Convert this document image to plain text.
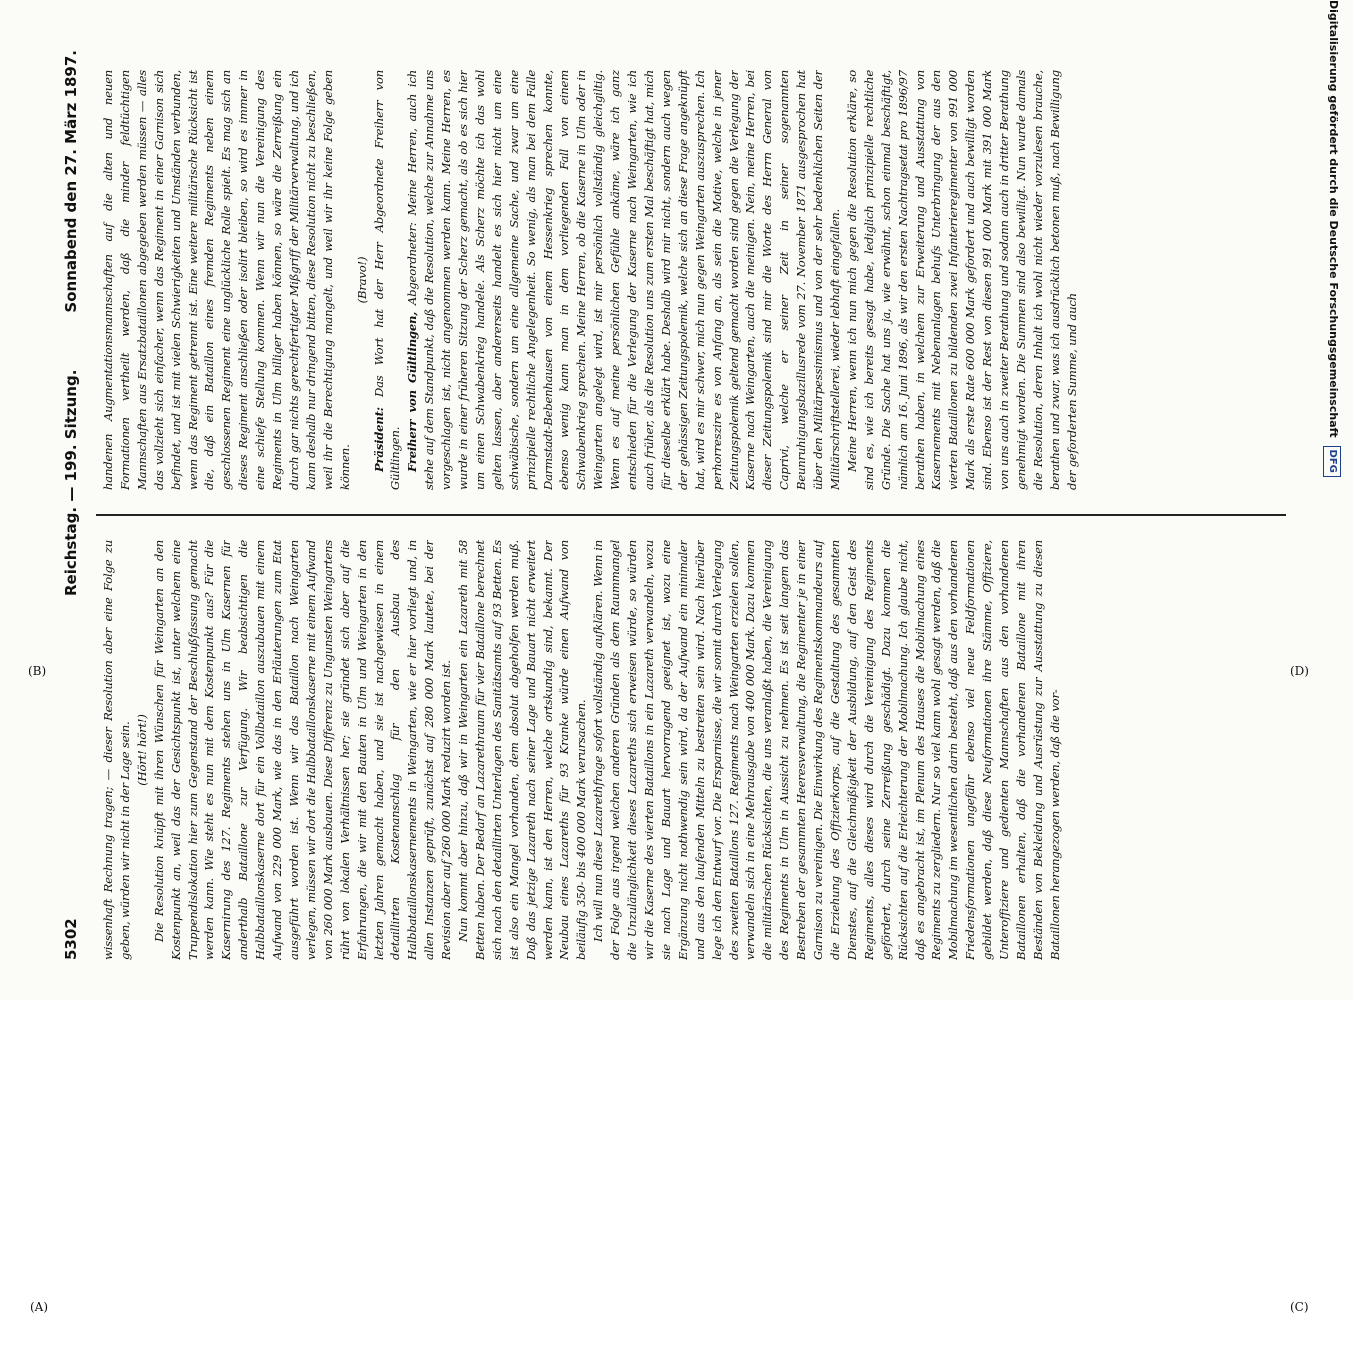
5302
Reichstag. — 199. Sitzung.
Sonnabend den 27. März 1897.

wissenhaft Rechnung tragen; — dieser Resolution aber eine Folge zu geben, würden wir nicht in der Lage sein. (Hört! hört!) Die Resolution knüpft mit ihren Wünschen für Weingarten an den Kostenpunkt an, weil das der Gesichtspunkt ist, unter welchem eine Truppendislokation hier zum Gegenstand der Beschlußfassung gemacht werden kann. Wie steht es nun mit dem Kostenpunkt aus? Für die Kasernirung des 127. Regiments stehen uns in Ulm Kasernen für anderthalb Bataillone zur Verfügung. Wir beabsichtigen die Halbbataillonskaserne dort für ein Vollbataillon auszubauen mit einem Aufwand von 229 000 Mark, wie das in den Erläuterungen zum Etat ausgeführt worden ist. Wenn wir das Bataillon nach Weingarten verlegen, müssen wir dort die Halbbataillonskaserne mit einem Aufwand von 260 000 Mark ausbauen. Diese Differenz zu Ungunsten Weingartens rührt von lokalen Verhältnissen her; sie gründet sich aber auf die Erfahrungen, die wir mit den Bauten in Ulm und Weingarten in den letzten Jahren gemacht haben, und sie ist nachgewiesen in einem detaillirten Kostenanschlag für den Ausbau des Halbbataillonskasernements in Weingarten, wie er hier vorliegt und, in allen Instanzen geprüft, zunächst auf 280 000 Mark lautete, bei der Revision aber auf 260 000 Mark reduzirt worden ist. Nun kommt aber hinzu, daß wir in Weingarten ein Lazareth mit 58 Betten haben. Der Bedarf an Lazarethraum für vier Bataillone berechnet sich nach den detaillirten Unterlagen des Sanitätsamts auf 93 Betten. Es ist also ein Mangel vorhanden, dem absolut abgeholfen werden muß. Daß das jetzige Lazareth nach seiner Lage und Bauart nicht erweitert werden kann, ist den Herren, welche ortskundig sind, bekannt. Der Neubau eines Lazareths für 93 Kranke würde einen Aufwand von beiläufig 350- bis 400 000 Mark verursachen. Ich will nun diese Lazarethfrage sofort vollständig aufklären. Wenn in der Folge aus irgend welchen anderen Gründen als dem Raummangel die Unzulänglichkeit dieses Lazareths sich erweisen würde, so würden wir die Kaserne des vierten Bataillons in ein Lazareth verwandeln, wozu sie nach Lage und Bauart hervorragend geeignet ist, wozu eine Ergänzung nicht nothwendig sein wird, da der Aufwand ein minimaler und aus den laufenden Mitteln zu bestreiten sein wird. Nach hierüber lege ich den Entwurf vor. Die Ersparnisse, die wir somit durch Verlegung des zweiten Bataillons 127. Regiments nach Weingarten erzielen sollen, verwandeln sich in eine Mehrausgabe von 400 000 Mark. Dazu kommen die militärischen Rücksichten, die uns veranlaßt haben, die Vereinigung des Regiments in Ulm in Aussicht zu nehmen. Es ist seit langem das Bestreben der gesammten Heeresverwaltung, die Regimenter je in einer Garnison zu vereinigen. Die Einwirkung des Regimentskommandeurs auf die Erziehung des Offizierkorps, auf die Gestaltung des gesammten Dienstes, auf die Gleichmäßigkeit der Ausbildung, auf den Geist des Regiments, alles dieses wird durch die Vereinigung des Regiments gefördert, durch seine Zerreißung geschädigt. Dazu kommen die Rücksichten auf die Erleichterung der Mobilmachung. Ich glaube nicht, daß es angebracht ist, im Plenum des Hauses die Mobilmachung eines Regiments zu zergliedern. Nur so viel kann wohl gesagt werden, daß die Mobilmachung im wesentlichen darin besteht, daß aus den vorhandenen Friedensformationen ungefähr ebenso viel neue Feldformationen gebildet werden, daß diese Neuformationen ihre Stämme, Offiziere, Unteroffiziere und gedienten Mannschaften aus den vorhandenen Bataillonen erhalten, daß die vorhandenen Bataillone mit ihren Beständen von Bekleidung und Ausrüstung zur Ausstattung zu diesen Bataillonen herangezogen werden, daß die vor-

handenen Augmentationsmannschaften auf die alten und neuen Formationen vertheilt werden, daß die minder feldtüchtigen Mannschaften aus Ersatzbataillonen abgegeben werden müssen — alles das vollzieht sich einfacher, wenn das Regiment in einer Garnison sich befindet, und ist mit vielen Schwierigkeiten und Umständen verbunden, wenn das Regiment getrennt ist. Eine weitere militärische Rücksicht ist die, daß ein Bataillon eines fremden Regiments neben einem geschlossenen Regiment eine unglückliche Rolle spielt. Es mag sich an dieses Regiment anschließen oder isolirt bleiben, so wird es immer in eine schiefe Stellung kommen. Wenn wir nun die Vereinigung des Regiments in Ulm billiger haben können, so wäre die Zerreißung ein durch gar nichts gerechtfertigter Mißgriff der Militärverwaltung, und ich kann deshalb nur dringend bitten, diese Resolution nicht zu beschließen, weil ihr die Berechtigung mangelt, und weil wir ihr keine Folge geben können.

(Bravo!)

Präsident: Das Wort hat der Herr Abgeordnete Freiherr von Gültlingen. Freiherr von Gültlingen, Abgeordneter: Meine Herren, auch ich stehe auf dem Standpunkt, daß die Resolution, welche zur Annahme uns vorgeschlagen ist, nicht angenommen werden kann. Meine Herren, es wurde in einer früheren Sitzung der Scherz gemacht, als ob es sich hier um einen Schwabenkrieg handele. Als Scherz möchte ich das wohl gelten lassen, aber andererseits handelt es sich hier nicht um eine schwäbische, sondern um eine allgemeine Sache, und zwar um eine prinzipielle rechtliche Angelegenheit. So wenig, als man bei dem Falle Darmstadt-Bebenhausen von einem Hessenkrieg sprechen konnte, ebenso wenig kann man in dem vorliegenden Fall von einem Schwabenkrieg sprechen. Meine Herren, ob die Kaserne in Ulm oder in Weingarten angelegt wird, ist mir persönlich vollständig gleichgiltig. Wenn es auf meine persönlichen Gefühle ankäme, wäre ich ganz entschieden für die Verlegung der Kaserne nach Weingarten, wie ich auch früher, als die Resolution uns zum ersten Mal beschäftigt hat, mich für dieselbe erklärt habe. Deshalb wird mir nicht, sondern auch wegen der gehässigen Zeitungspolemik, welche sich an diese Frage angeknüpft hat, wird es mir schwer, mich nun gegen Weingarten auszusprechen. Ich perhorreszire es von Anfang an, als sein die Motive, welche in jener Zeitungspolemik geltend gemacht worden sind gegen die Verlegung der Kaserne nach Weingarten, auch die meinigen. Nein, meine Herren, bei dieser Zeitungspolemik sind mir die Worte des Herrn General von Caprivi, welche er seiner Zeit in seiner sogenannten Beunruhigungsbazillusrede vom 27. November 1871 ausgesprochen hat über den Militärpessimismus und von der sehr bedenklichen Seiten der Militärschriftstellerei, wieder lebhaft eingefallen. Meine Herren, wenn ich nun mich gegen die Resolution erkläre, so sind es, wie ich bereits gesagt habe, lediglich prinzipielle rechtliche Gründe. Die Sache hat uns ja, wie erwähnt, schon einmal beschäftigt, nämlich am 16. Juni 1896, als wir den ersten Nachtragsetat pro 1896/97 berathen haben, in welchem zur Erweiterung und Ausstattung von Kasernements mit Nebenanlagen behufs Unterbringung der aus den vierten Bataillonen zu bildenden zwei Infanterieregimenter von 991 000 Mark als erste Rate 600 000 Mark gefordert und auch bewilligt worden sind. Ebenso ist der Rest von diesen 991 000 Mark mit 391 000 Mark von uns auch in zweiter Berathung und sodann auch in dritter Berathung genehmigt worden. Die Summen sind also bewilligt. Nun wurde damals die Resolution, deren Inhalt ich wohl nicht wieder vorzulesen brauche, berathen und zwar, was ich ausdrücklich betonen muß, nach Bewilligung der geforderten Summe, und auch

(A)
(B)
(C)
(D)
Digitalisierung gefördert durch die Deutsche Forschungsgemeinschaft DFG
